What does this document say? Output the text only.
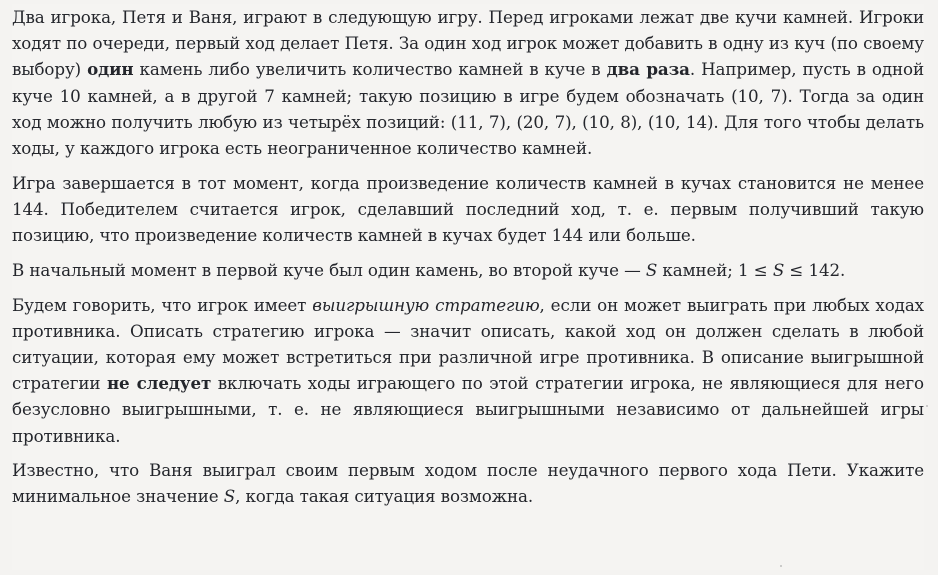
Два игрока, Петя и Ваня, играют в следующую игру. Перед игроками лежат две кучи камней. Игроки ходят по очереди, первый ход делает Петя. За один ход игрок может добавить в одну из куч (по своему выбору) один камень либо увеличить количество камней в куче в два раза. Например, пусть в одной куче 10 камней, а в другой 7 камней; такую позицию в игре будем обозначать (10, 7). Тогда за один ход можно получить любую из четырёх позиций: (11, 7), (20, 7), (10, 8), (10, 14). Для того чтобы делать ходы, у каждого игрока есть неограниченное количество камней.

Игра завершается в тот момент, когда произведение количеств камней в кучах становится не менее 144. Победителем считается игрок, сделавший последний ход, т. е. первым получивший такую позицию, что произведение количеств камней в кучах будет 144 или больше.

В начальный момент в первой куче был один камень, во второй куче — S камней; 1 ≤ S ≤ 142.

Будем говорить, что игрок имеет выигрышную стратегию, если он может выиграть при любых ходах противника. Описать стратегию игрока — значит описать, какой ход он должен сделать в любой ситуации, которая ему может встретиться при различной игре противника. В описание выигрышной стратегии не следует включать ходы играющего по этой стратегии игрока, не являющиеся для него безусловно выигрышными, т. е. не являющиеся выигрышными независимо от дальнейшей игры противника.

Известно, что Ваня выиграл своим первым ходом после неудачного первого хода Пети. Укажите минимальное значение S, когда такая ситуация возможна.
